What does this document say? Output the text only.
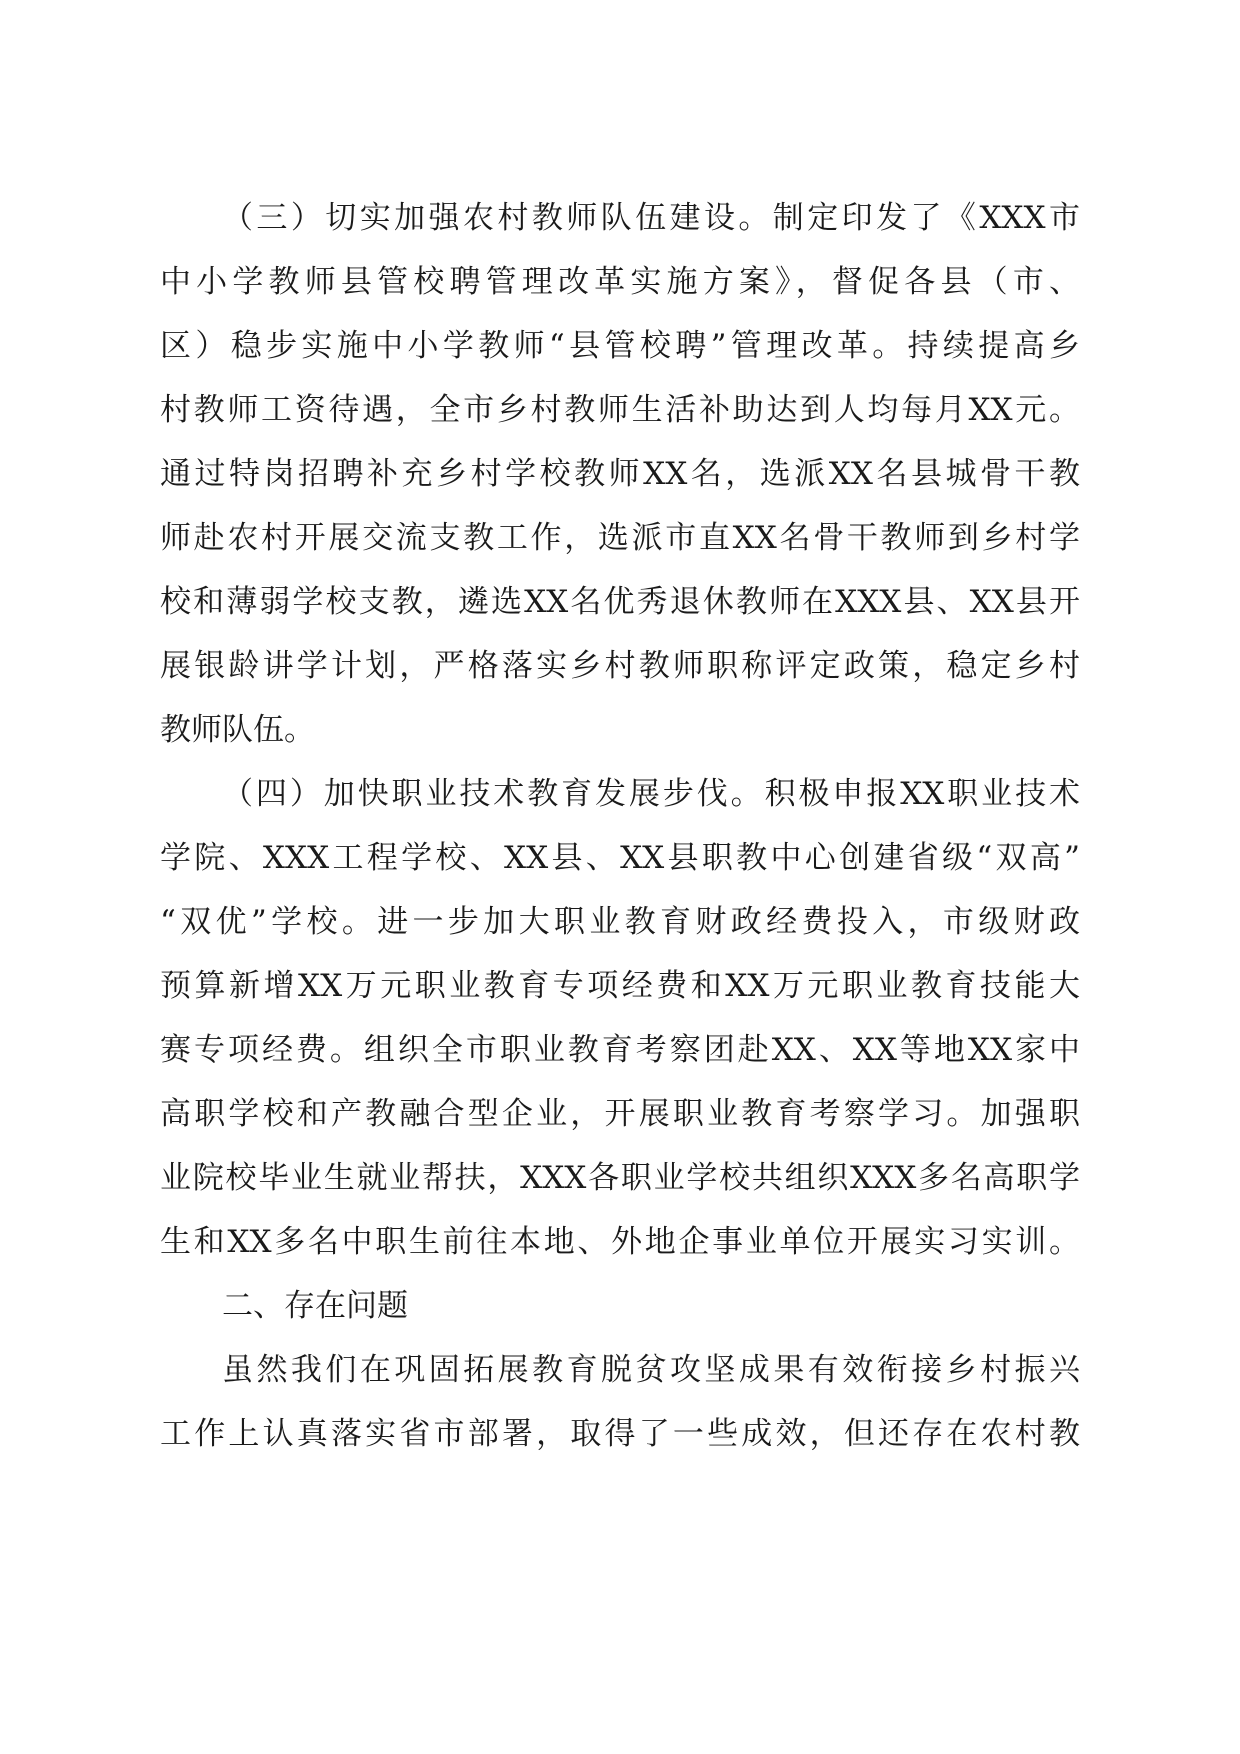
（三）切实加强农村教师队伍建设。制定印发了《XXX市
中小学教师县管校聘管理改革实施方案》，督促各县（市、
区）稳步实施中小学教师“县管校聘”管理改革。持续提高乡
村教师工资待遇，全市乡村教师生活补助达到人均每月XX元。
通过特岗招聘补充乡村学校教师XX名，选派XX名县城骨干教
师赴农村开展交流支教工作，选派市直XX名骨干教师到乡村学
校和薄弱学校支教，遴选XX名优秀退休教师在XXX县、XX县开
展银龄讲学计划，严格落实乡村教师职称评定政策，稳定乡村
教师队伍。
（四）加快职业技术教育发展步伐。积极申报XX职业技术
学院、XXX工程学校、XX县、XX县职教中心创建省级“双高”
“双优”学校。进一步加大职业教育财政经费投入，市级财政
预算新增XX万元职业教育专项经费和XX万元职业教育技能大
赛专项经费。组织全市职业教育考察团赴XX、XX等地XX家中
高职学校和产教融合型企业，开展职业教育考察学习。加强职
业院校毕业生就业帮扶，XXX各职业学校共组织XXX多名高职学
生和XX多名中职生前往本地、外地企事业单位开展实习实训。
二、存在问题
虽然我们在巩固拓展教育脱贫攻坚成果有效衔接乡村振兴
工作上认真落实省市部署，取得了一些成效，但还存在农村教
